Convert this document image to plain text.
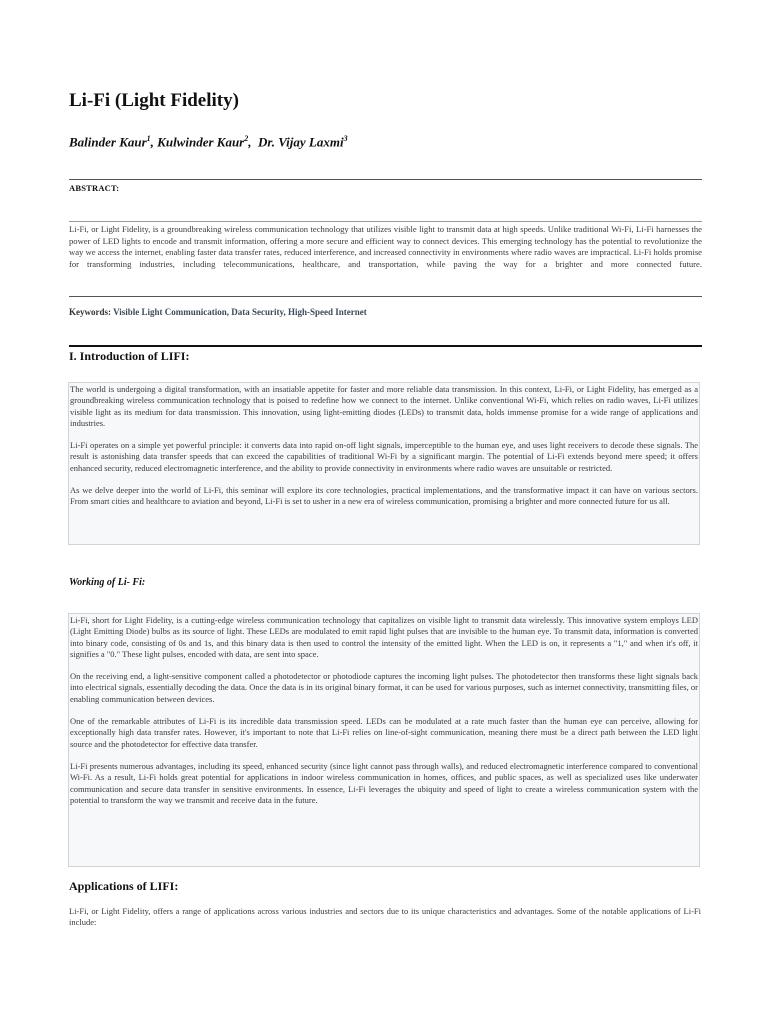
Li-Fi (Light Fidelity)
Balinder Kaur$^1$, Kulwinder Kaur$^2$,  Dr. Vijay Laxmi$^3$
ABSTRACT:

Li-Fi, or Light Fidelity, is a groundbreaking wireless communication technology that utilizes visible light to transmit data at high speeds. Unlike traditional Wi-Fi, Li-Fi harnesses the power of LED lights to encode and transmit information, offering a more secure and efficient way to connect devices. This emerging technology has the potential to revolutionize the way we access the internet, enabling faster data transfer rates, reduced interference, and increased connectivity in environments where radio waves are impractical. Li-Fi holds promise for transforming industries, including telecommunications, healthcare, and transportation, while paving the way for a brighter and more connected future.

Keywords: Visible Light Communication, Data Security, High-Speed Internet
I. Introduction of LIFI:

The world is undergoing a digital transformation, with an insatiable appetite for faster and more reliable data transmission. In this context, Li-Fi, or Light Fidelity, has emerged as a groundbreaking wireless communication technology that is poised to redefine how we connect to the internet. Unlike conventional Wi-Fi, which relies on radio waves, Li-Fi utilizes visible light as its medium for data transmission. This innovation, using light-emitting diodes (LEDs) to transmit data, holds immense promise for a wide range of applications and industries.

Li-Fi operates on a simple yet powerful principle: it converts data into rapid on-off light signals, imperceptible to the human eye, and uses light receivers to decode these signals. The result is astonishing data transfer speeds that can exceed the capabilities of traditional Wi-Fi by a significant margin. The potential of Li-Fi extends beyond mere speed; it offers enhanced security, reduced electromagnetic interference, and the ability to provide connectivity in environments where radio waves are unsuitable or restricted.

As we delve deeper into the world of Li-Fi, this seminar will explore its core technologies, practical implementations, and the transformative impact it can have on various sectors. From smart cities and healthcare to aviation and beyond, Li-Fi is set to usher in a new era of wireless communication, promising a brighter and more connected future for us all.

Working of Li- Fi:

Li-Fi, short for Light Fidelity, is a cutting-edge wireless communication technology that capitalizes on visible light to transmit data wirelessly. This innovative system employs LED (Light Emitting Diode) bulbs as its source of light. These LEDs are modulated to emit rapid light pulses that are invisible to the human eye. To transmit data, information is converted into binary code, consisting of 0s and 1s, and this binary data is then used to control the intensity of the emitted light. When the LED is on, it represents a "1," and when it's off, it signifies a "0." These light pulses, encoded with data, are sent into space.

On the receiving end, a light-sensitive component called a photodetector or photodiode captures the incoming light pulses. The photodetector then transforms these light signals back into electrical signals, essentially decoding the data. Once the data is in its original binary format, it can be used for various purposes, such as internet connectivity, transmitting files, or enabling communication between devices.

One of the remarkable attributes of Li-Fi is its incredible data transmission speed. LEDs can be modulated at a rate much faster than the human eye can perceive, allowing for exceptionally high data transfer rates. However, it's important to note that Li-Fi relies on line-of-sight communication, meaning there must be a direct path between the LED light source and the photodetector for effective data transfer.

Li-Fi presents numerous advantages, including its speed, enhanced security (since light cannot pass through walls), and reduced electromagnetic interference compared to conventional Wi-Fi. As a result, Li-Fi holds great potential for applications in indoor wireless communication in homes, offices, and public spaces, as well as specialized uses like underwater communication and secure data transfer in sensitive environments. In essence, Li-Fi leverages the ubiquity and speed of light to create a wireless communication system with the potential to transform the way we transmit and receive data in the future.

Applications of LIFI:

Li-Fi, or Light Fidelity, offers a range of applications across various industries and sectors due to its unique characteristics and advantages. Some of the notable applications of Li-Fi include:
